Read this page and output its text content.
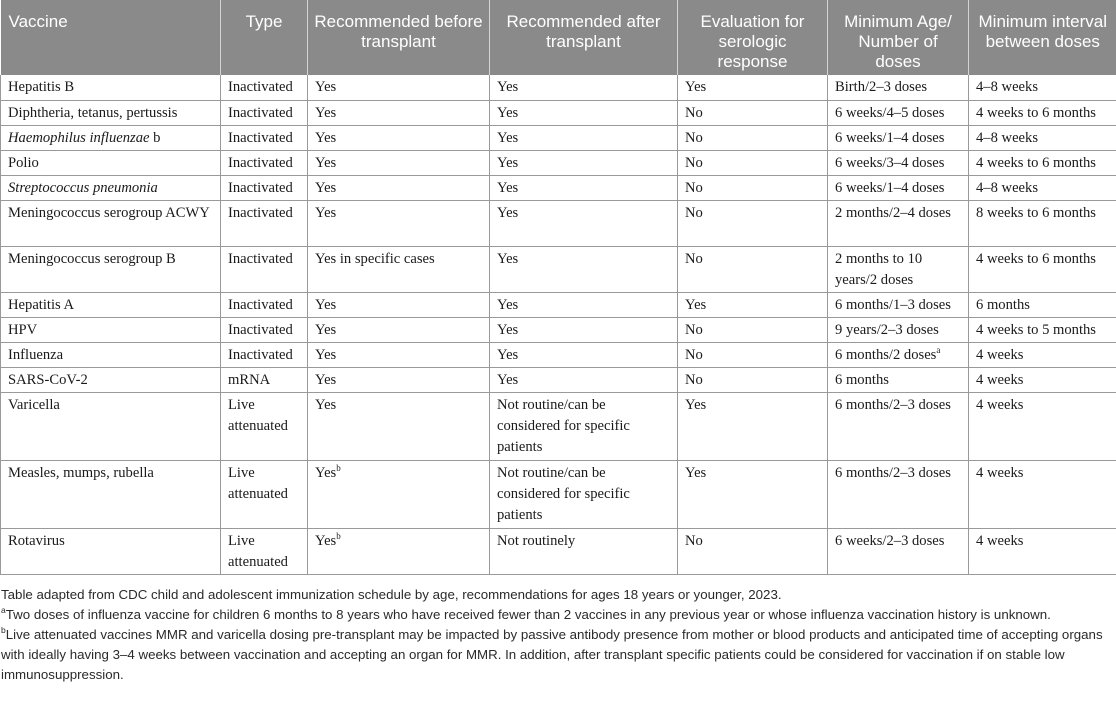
Vaccine	Type	Recommended before transplant	Recommended after transplant	Evaluation for serologic response	Minimum Age/ Number of doses	Minimum interval between doses
Hepatitis B	Inactivated	Yes	Yes	Yes	Birth/2–3 doses	4–8 weeks
Diphtheria, tetanus, pertussis	Inactivated	Yes	Yes	No	6 weeks/4–5 doses	4 weeks to 6 months
Haemophilus influenzae b	Inactivated	Yes	Yes	No	6 weeks/1–4 doses	4–8 weeks
Polio	Inactivated	Yes	Yes	No	6 weeks/3–4 doses	4 weeks to 6 months
Streptococcus pneumonia	Inactivated	Yes	Yes	No	6 weeks/1–4 doses	4–8 weeks
Meningococcus serogroup ACWY	Inactivated	Yes	Yes	No	2 months/2–4 doses	8 weeks to 6 months
Meningococcus serogroup B	Inactivated	Yes in specific cases	Yes	No	2 months to 10 years/2 doses	4 weeks to 6 months
Hepatitis A	Inactivated	Yes	Yes	Yes	6 months/1–3 doses	6 months
HPV	Inactivated	Yes	Yes	No	9 years/2–3 doses	4 weeks to 5 months
Influenza	Inactivated	Yes	Yes	No	6 months/2 doses$^a$	4 weeks
SARS-CoV-2	mRNA	Yes	Yes	No	6 months	4 weeks
Varicella	Live attenuated	Yes	Not routine/can be considered for specific patients	Yes	6 months/2–3 doses	4 weeks
Measles, mumps, rubella	Live attenuated	Yes$^b$	Not routine/can be considered for specific patients	Yes	6 months/2–3 doses	4 weeks
Rotavirus	Live attenuated	Yes$^b$	Not routinely	No	6 weeks/2–3 doses	4 weeks

Table adapted from CDC child and adolescent immunization schedule by age, recommendations for ages 18 years or younger, 2023.

$^a$Two doses of influenza vaccine for children 6 months to 8 years who have received fewer than 2 vaccines in any previous year or whose influenza vaccination history is unknown.

$^b$Live attenuated vaccines MMR and varicella dosing pre-transplant may be impacted by passive antibody presence from mother or blood products and anticipated time of accepting organs with ideally having 3–4 weeks between vaccination and accepting an organ for MMR. In addition, after transplant specific patients could be considered for vaccination if on stable low immunosuppression.
